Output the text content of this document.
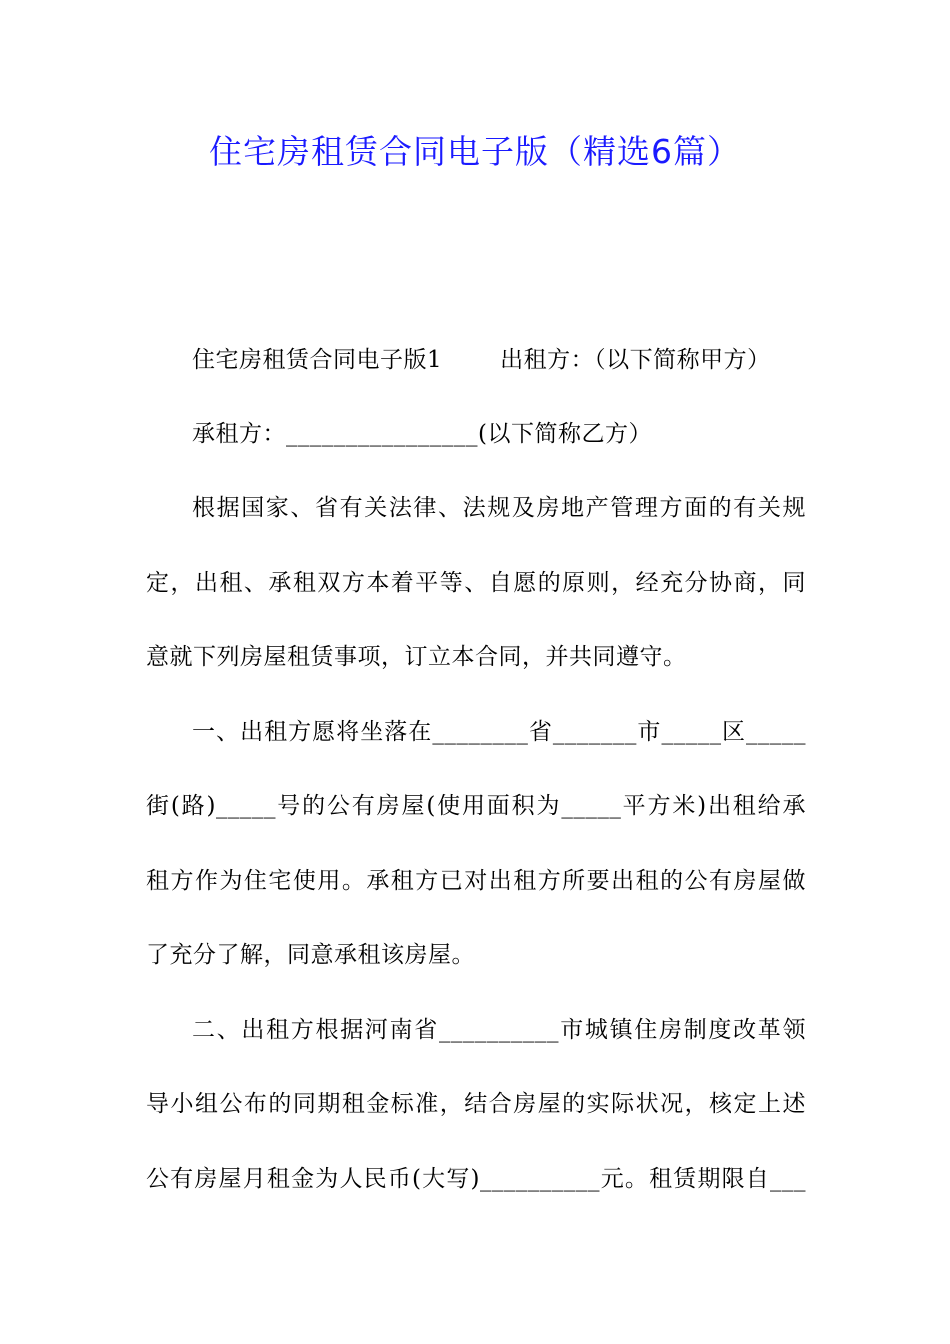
住宅房租赁合同电子版（精选6篇）
住宅房租赁合同电子版1	出租方：（以下简称甲方）
承租方：________________(以下简称乙方）
根据国家、省有关法律、法规及房地产管理方面的有关规
定，出租、承租双方本着平等、自愿的原则，经充分协商，同
意就下列房屋租赁事项，订立本合同，并共同遵守。
一、出租方愿将坐落在________省_______市_____区_____
街(路)_____号的公有房屋(使用面积为_____平方米)出租给承
租方作为住宅使用。承租方已对出租方所要出租的公有房屋做
了充分了解，同意承租该房屋。
二、出租方根据河南省__________市城镇住房制度改革领
导小组公布的同期租金标准，结合房屋的实际状况，核定上述
公有房屋月租金为人民币(大写)__________元。租赁期限自___
